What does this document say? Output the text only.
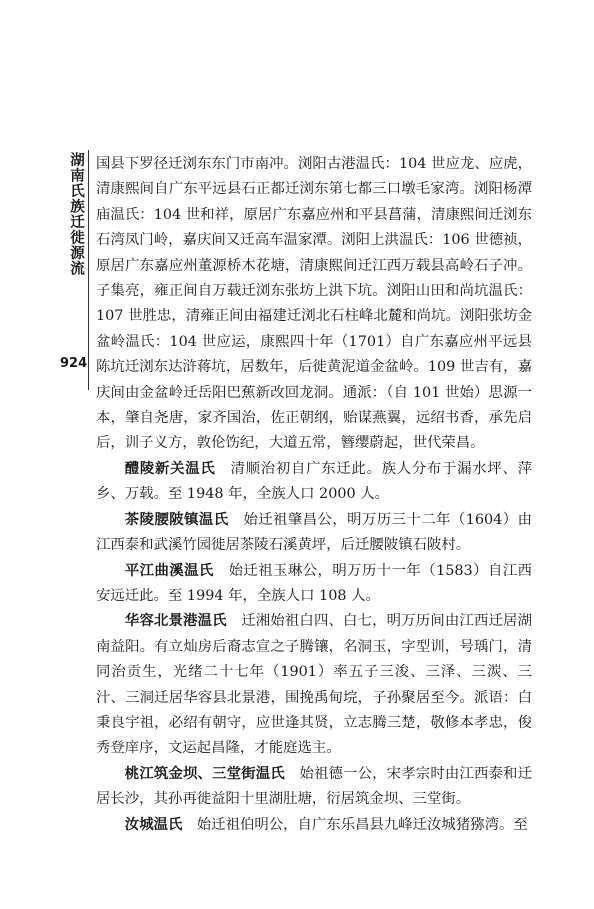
湖南氏族迁徙源流
924

国县下罗径迁浏东东门市南冲。浏阳古港温氏：104 世应龙、应虎，清康熙间自广东平远县石正都迁浏东第七都三口墩毛家湾。浏阳杨潭庙温氏：104 世和祥，原居广东嘉应州和平县菖蒲，清康熙间迁浏东石湾凤门岭，嘉庆间又迁高车温家潭。浏阳上洪温氏：106 世德祯，原居广东嘉应州董源桥木花塘，清康熙间迁江西万载县高岭石子冲。子集亮，雍正间自万载迁浏东张坊上洪下坑。浏阳山田和尚坑温氏：107 世胜忠，清雍正间由福建迁浏北石柱峰北麓和尚坑。浏阳张坊金盆岭温氏：104 世应运，康熙四十年（1701）自广东嘉应州平远县陈坑迁浏东达浒蒋坑，居数年，后徙黄泥道金盆岭。109 世吉有，嘉庆间由金盆岭迁岳阳巴蕉新改回龙洞。通派：（自 101 世始）思源一本，肇自尧唐，家齐国治，佐正朝纲，贻谋燕翼，远绍书香，承先启后，训子义方，敦伦饬纪，大道五常，簪缨蔚起，世代荣昌。

醴陵新关温氏　 清顺治初自广东迁此。族人分布于漏水坪、萍乡、万载。至 1948 年，全族人口 2000 人。

茶陵腰陂镇温氏　 始迁祖肇昌公，明万历三十二年（1604）由江西泰和武溪竹园徙居茶陵石溪黄坪，后迁腰陂镇石陂村。

平江曲溪温氏　 始迁祖玉琳公，明万历十一年（1583）自江西安远迁此。至 1994 年，全族人口 108 人。

华容北景港温氏　 迁湘始祖白四、白七，明万历间由江西迁居湖南益阳。有立灿房后裔志宣之子腾镶，名洞玉，字型训，号瑀门，清同治贡生，光绪二十七年（1901）率五子三浚、三泽、三湠、三汁、三洞迁居华容县北景港，围挽禹甸垸，子孙聚居至今。派语：白秉良宇祖，必绍有朝守，应世逢其贤，立志腾三楚，敬修本孝忠，俊秀登庠序，文运起昌隆，才能庭选主。

桃江筑金坝、三堂街温氏　 始祖德一公，宋孝宗时由江西泰和迁居长沙，其孙再徙益阳十里湖肚塘，衍居筑金坝、三堂街。

汝城温氏　 始迁祖伯明公，自广东乐昌县九峰迁汝城猪猕湾。至
